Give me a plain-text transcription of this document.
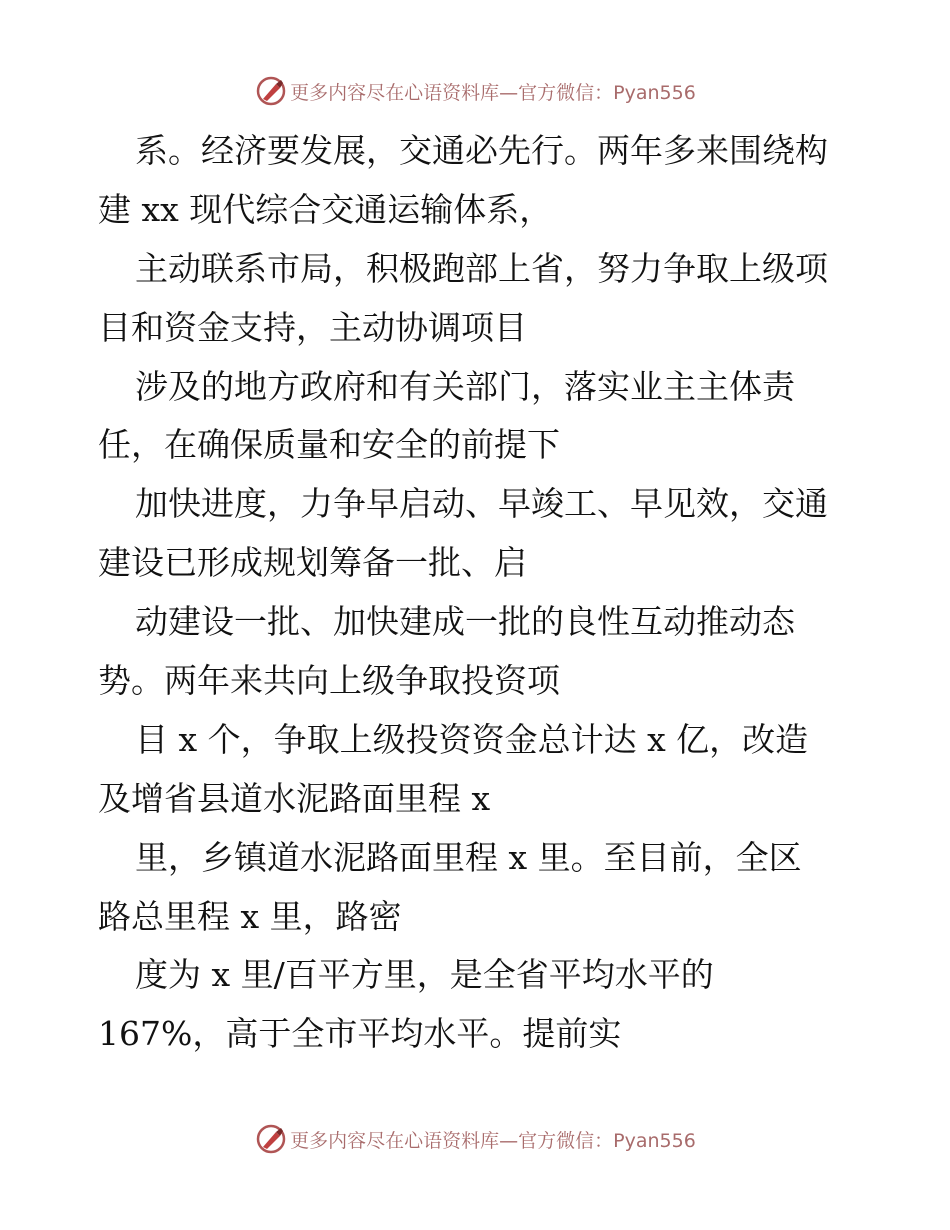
更多内容尽在心语资料库—官方微信：Pyan556
系。经济要发展，交通必先行。两年多来围绕构
建 xx 现代综合交通运输体系，
主动联系市局，积极跑部上省，努力争取上级项
目和资金支持，主动协调项目
涉及的地方政府和有关部门，落实业主主体责
任，在确保质量和安全的前提下
加快进度，力争早启动、早竣工、早见效，交通
建设已形成规划筹备一批、启
动建设一批、加快建成一批的良性互动推动态
势。两年来共向上级争取投资项
目 x 个，争取上级投资资金总计达 x 亿，改造
及增省县道水泥路面里程 x
里，乡镇道水泥路面里程 x 里。至目前，全区
路总里程 x 里，路密
度为 x 里/百平方里，是全省平均水平的
167%，高于全市平均水平。提前实
更多内容尽在心语资料库—官方微信：Pyan556
